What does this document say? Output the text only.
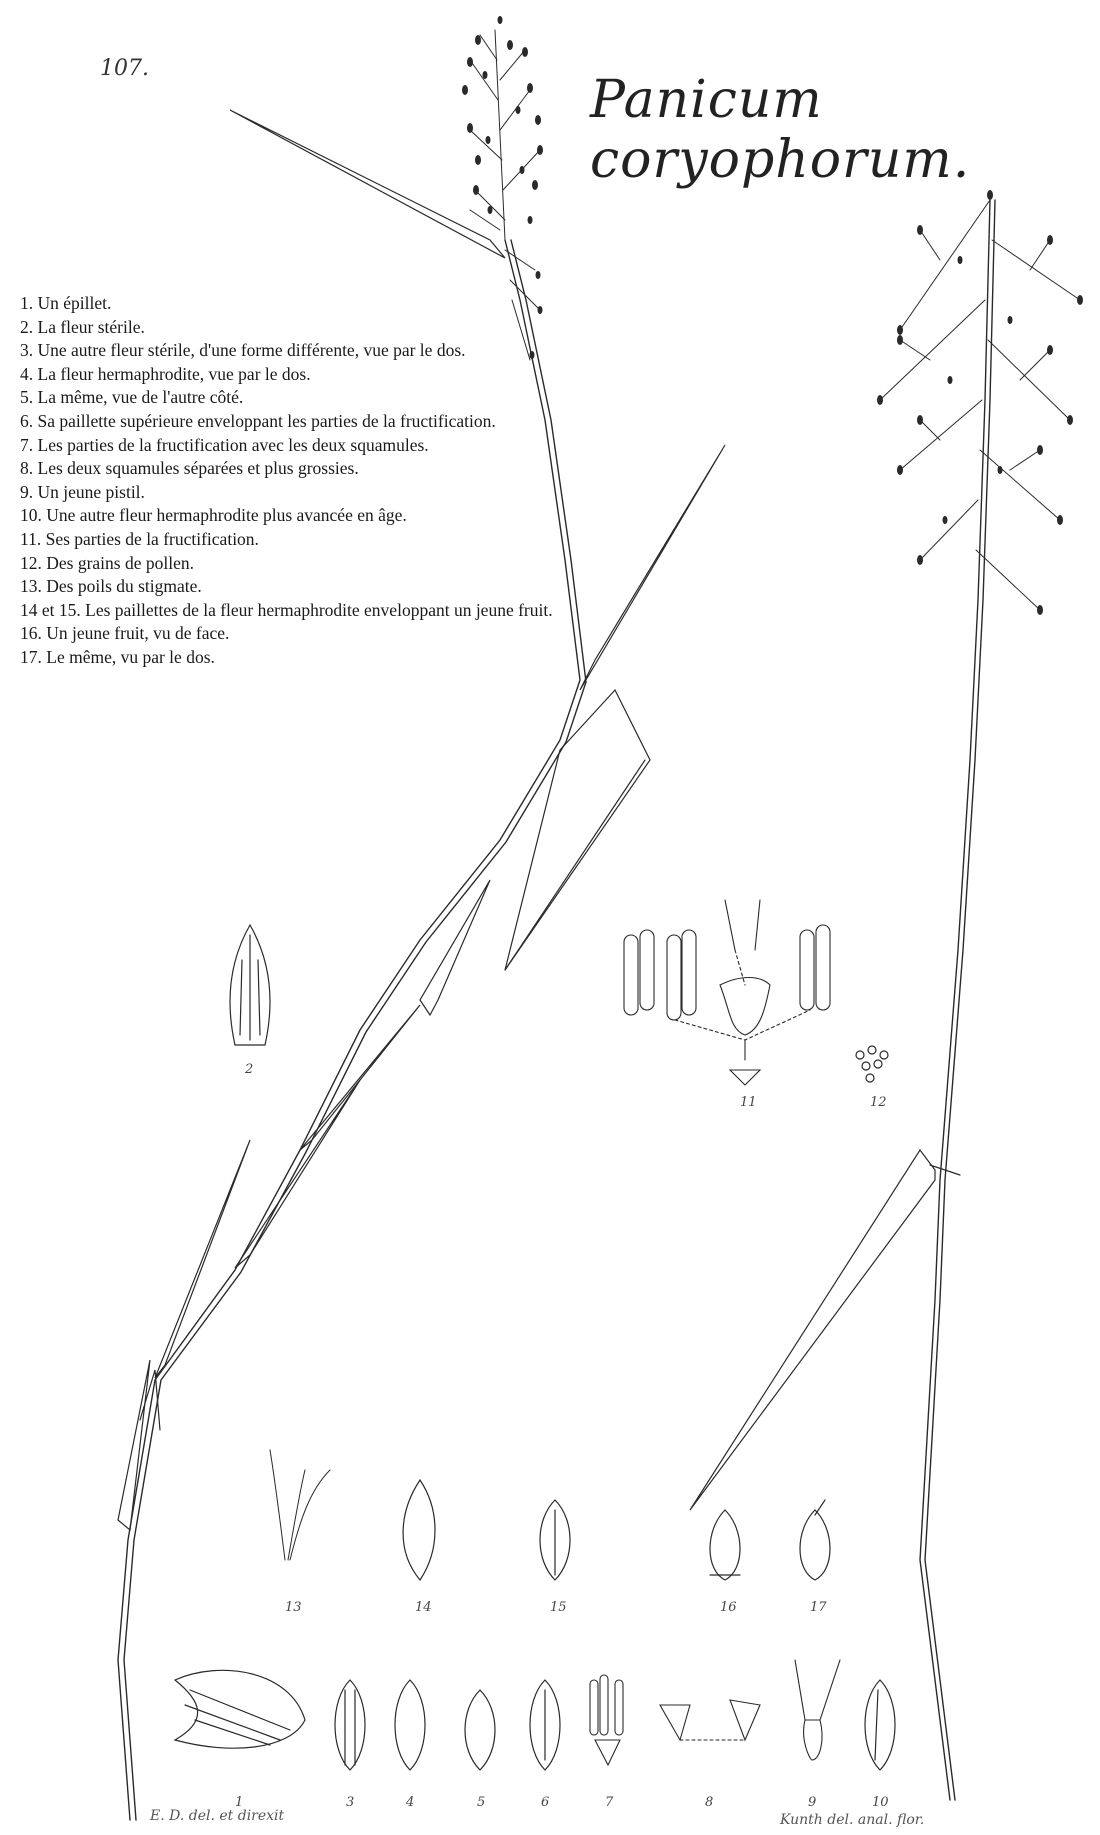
107.
Panicum coryophorum.
1. Un épillet.
2. La fleur stérile.
3. Une autre fleur stérile, d'une forme différente, vue par le dos.
4. La fleur hermaphrodite, vue par le dos.
5. La même, vue de l'autre côté.
6. Sa paillette supérieure enveloppant les parties de la fructification.
7. Les parties de la fructification avec les deux squamules.
8. Les deux squamules séparées et plus grossies.
9. Un jeune pistil.
10. Une autre fleur hermaphrodite plus avancée en âge.
11. Ses parties de la fructification.
12. Des grains de pollen.
13. Des poils du stigmate.
14 et 15. Les paillettes de la fleur hermaphrodite enveloppant un jeune fruit.
16. Un jeune fruit, vu de face.
17. Le même, vu par le dos.
2
11	12
13	14	15	16	17
1	3	4	5	6	7	8	9	10
E. D. del. et direxit	Kunth del. anal. flor.
